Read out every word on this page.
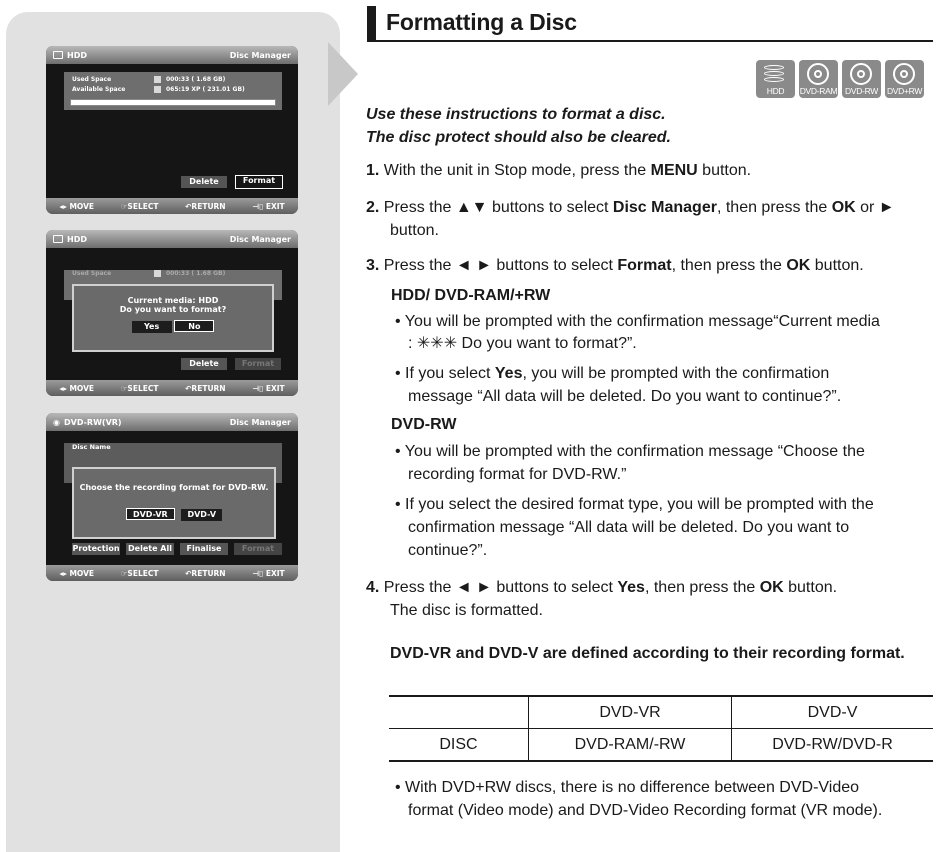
HDD	Disc Manager
Used Space	000:33 ( 1.68 GB)
Available Space	065:19 XP ( 231.01 GB)
Delete	Format
◂▸ MOVE	☞SELECT	↶RETURN	⊣▯ EXIT
HDD	Disc Manager
Used Space	000:33 ( 1.68 GB)
Current media: HDD
Do you want to format?
Yes	No
Delete	Format
◂▸ MOVE	☞SELECT	↶RETURN	⊣▯ EXIT
◉ DVD-RW(VR)	Disc Manager
Disc Name
Choose the recording format for DVD-RW.
DVD-VR DVD-V
Protection Delete All	Finalise	Format
◂▸ MOVE	☞SELECT	↶RETURN	⊣▯ EXIT
Formatting a Disc
HDD	DVD-RAM DVD-RW	DVD+RW
Use these instructions to format a disc.
The disc protect should also be cleared.
1. With the unit in Stop mode, press the MENU button.
2. Press the ▲▼ buttons to select Disc Manager, then press the OK or ►
button.
3. Press the ◄ ► buttons to select Format, then press the OK button.
HDD/ DVD-RAM/+RW
• You will be prompted with the confirmation message“Current media
: ✳✳✳ Do you want to format?”.
• If you select Yes, you will be prompted with the confirmation
message “All data will be deleted. Do you want to continue?”.
DVD-RW
• You will be prompted with the confirmation message “Choose the
recording format for DVD-RW.”
• If you select the desired format type, you will be prompted with the
confirmation message “All data will be deleted. Do you want to
continue?”.
4. Press the ◄ ► buttons to select Yes, then press the OK button.
The disc is formatted.
DVD-VR and DVD-V are defined according to their recording format.
	DVD-VR	DVD-V
DISC	DVD-RAM/-RW	DVD-RW/DVD-R
• With DVD+RW discs, there is no difference between DVD-Video
format (Video mode) and DVD-Video Recording format (VR mode).
